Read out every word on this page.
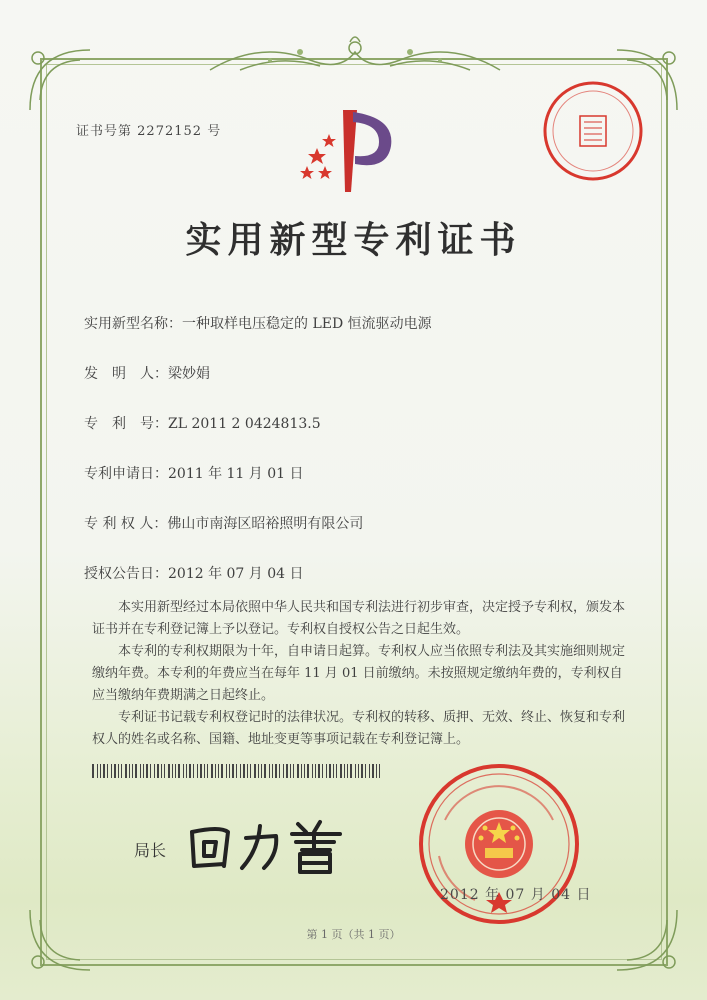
证书号第 2272152 号
实用新型专利证书
实用新型名称：一种取样电压稳定的 LED 恒流驱动电源
发　明　人：梁妙娟
专　利　号：ZL 2011 2 0424813.5
专利申请日：2011 年 11 月 01 日
专 利 权 人：佛山市南海区昭裕照明有限公司
授权公告日：2012 年 07 月 04 日

　　本实用新型经过本局依照中华人民共和国专利法进行初步审查，决定授予专利权，颁发本证书并在专利登记簿上予以登记。专利权自授权公告之日起生效。

　　本专利的专利权期限为十年，自申请日起算。专利权人应当依照专利法及其实施细则规定缴纳年费。本专利的年费应当在每年 11 月 01 日前缴纳。未按照规定缴纳年费的，专利权自应当缴纳年费期满之日起终止。

　　专利证书记载专利权登记时的法律状况。专利权的转移、质押、无效、终止、恢复和专利权人的姓名或名称、国籍、地址变更等事项记载在专利登记簿上。

局长
2012 年 07 月 04 日
第 1 页（共 1 页）
